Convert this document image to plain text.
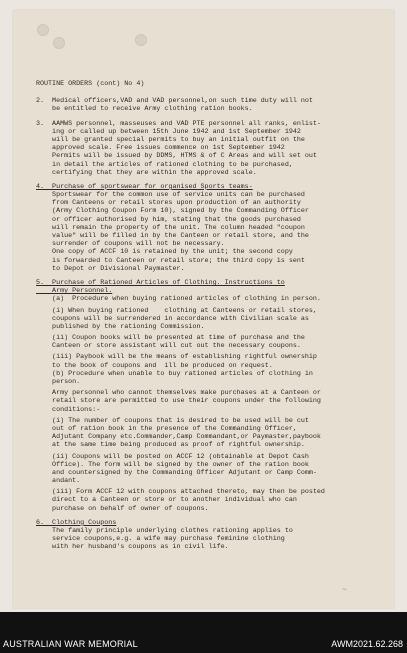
ROUTINE ORDERS (cont) No 4)
2.  Medical officers,VAD and VAD personnel,on such time duty will not
be entitled to receive Army clothing ration books.
3.  AAMWS personnel, masseuses and VAD PTE personnel all ranks, enlist-
ing or called up between 15th June 1942 and 1st September 1942
will be granted special permits to buy an initial outfit on the
approved scale. Free issues commence on 1st September 1942
Permits will be issued by DDMS, HTMS & of C Areas and will set out
in detail the articles of rationed clothing to be purchased,
certifying that they are within the approved scale.
4.  Purchase of sportswear for organised Sports teams-
Sportswear for the common use of service units can be purchased
from Canteens or retail stores upon production of an authority
(Army Clothing Coupon Form 10), signed by the Commanding Officer
or officer authorised by him, stating that the goods purchased
will remain the property of the unit. The column headed "coupon
value" will be filled in by the Canteen or retail store, and the
surrender of coupons will not be necessary.
One copy of ACCF 10 is retained by the unit; the second copy
is forwarded to Canteen or retail store; the third copy is sent
to Depot or Divisional Paymaster.
5.  Purchase of Rationed Articles of Clothing. Instructions to
Army Personnel.
(a)  Procedure when buying rationed articles of clothing in person.
(i) When buying rationed    clothing at Canteens or retail stores,
coupons will be surrendered in accordance with Civilian scale as
published by the rationing Commission.
(ii) Coupon books will be presented at time of purchase and the
Canteen or store assistant will cut out the necessary coupons.
(iii) Paybook will be the means of establishing rightful ownership
to the book of coupons and  ill be produced on request.
(b) Procedure when unable to buy rationed articles of clothing in
person.
Army personnel who cannot themselves make purchases at a Canteen or
retail store are permitted to use their coupons under the following
conditions:-
(i) The number of coupons that is desired to be used will be cut
out of ration book in the presence of the Commanding Officer,
Adjutant Company etc.Commander,Camp Commandant,or Paymaster,paybook
at the same time being produced as proof of rightful ownership.
(ii) Coupons will be posted on ACCF 12 (obtainable at Depot Cash
Office). The form will be signed by the owner of the ration book
and countersigned by the Commanding Officer Adjutant or Camp Comm-
andant.
(iii) Form ACCF 12 with coupons attached thereto, may then be posted
direct to a Canteen or store or to another individual who can
purchase on behalf of owner of coupons.
6.  Clothing Coupons
The family principle underlying clothes rationing applies to
service coupons,e.g. a wife may purchase feminine clothing
with her husband's coupons as in civil life.
~
AUSTRALIAN WAR MEMORIAL	AWM2021.62.268
